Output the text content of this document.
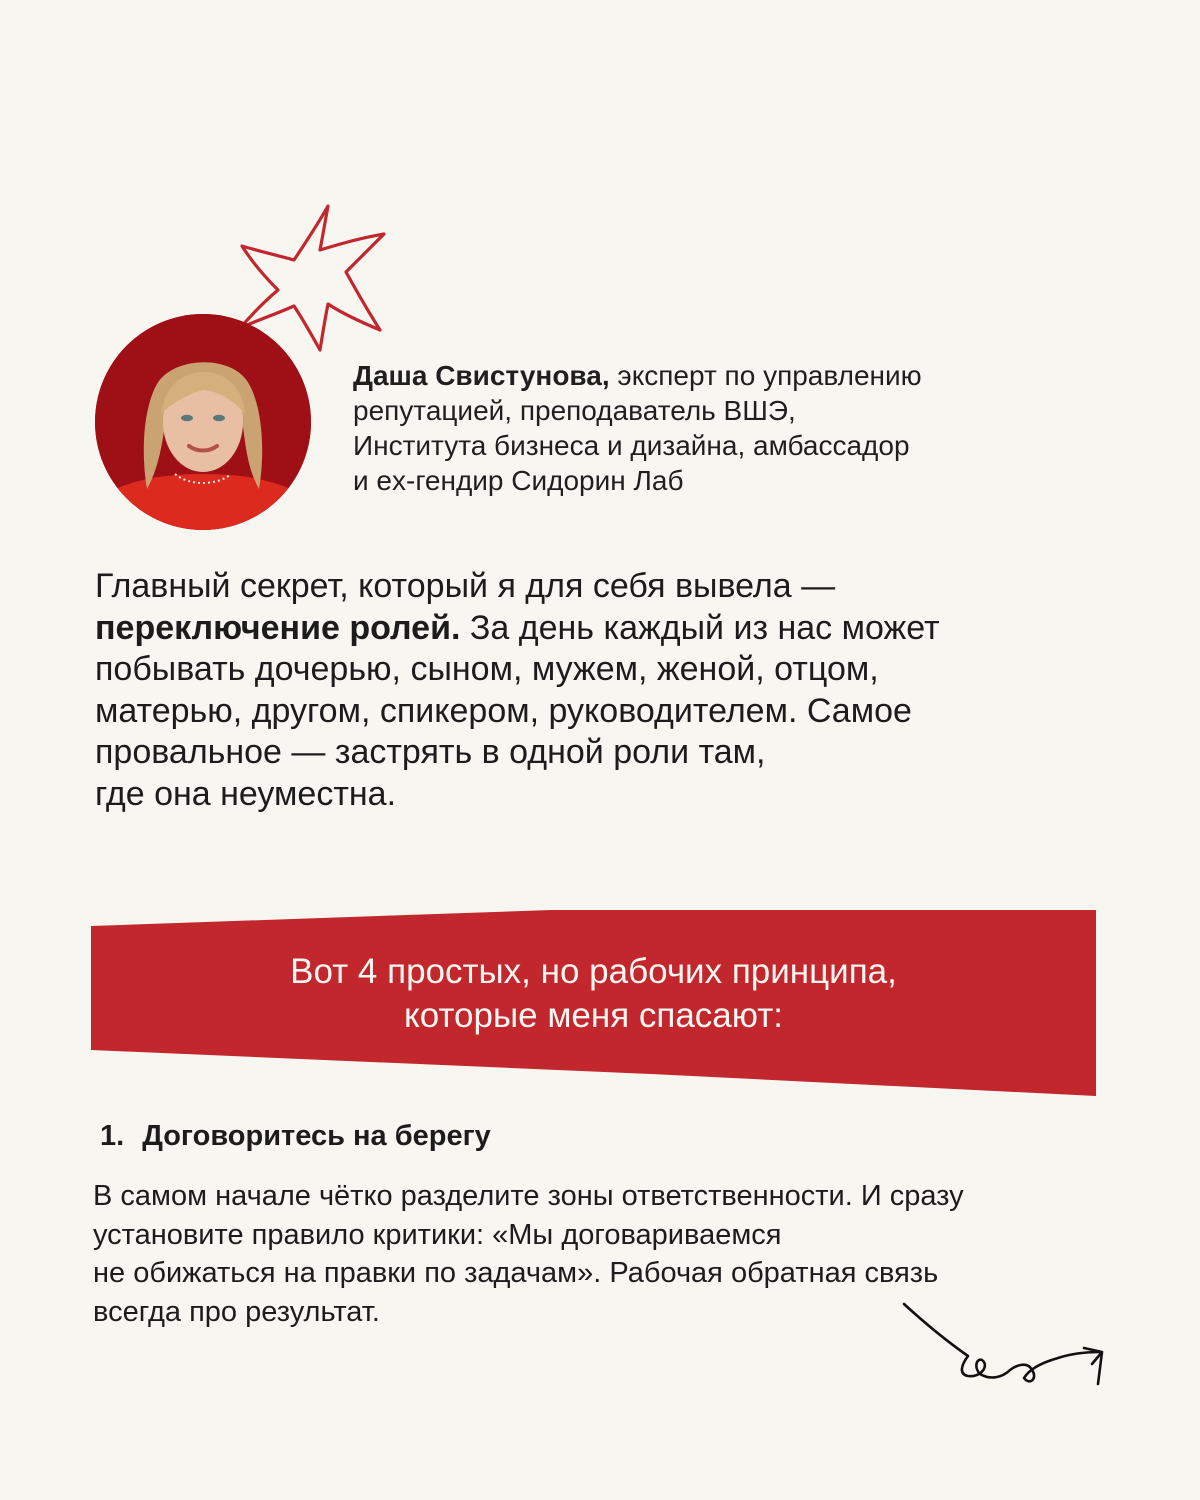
Даша Свистунова, эксперт по управлению
репутацией, преподаватель ВШЭ,
Института бизнеса и дизайна, амбассадор
и ex-гендир Сидорин Лаб
Главный секрет, который я для себя вывела —
переключение ролей. За день каждый из нас может
побывать дочерью, сыном, мужем, женой, отцом,
матерью, другом, спикером, руководителем. Самое
провальное — застрять в одной роли там,
где она неуместна.
Вот 4 простых, но рабочих принципа,
которые меня спасают:
1. Договоритесь на берегу
В самом начале чётко разделите зоны ответственности. И сразу
установите правило критики: «Мы договариваемся
не обижаться на правки по задачам». Рабочая обратная связь
всегда про результат.
